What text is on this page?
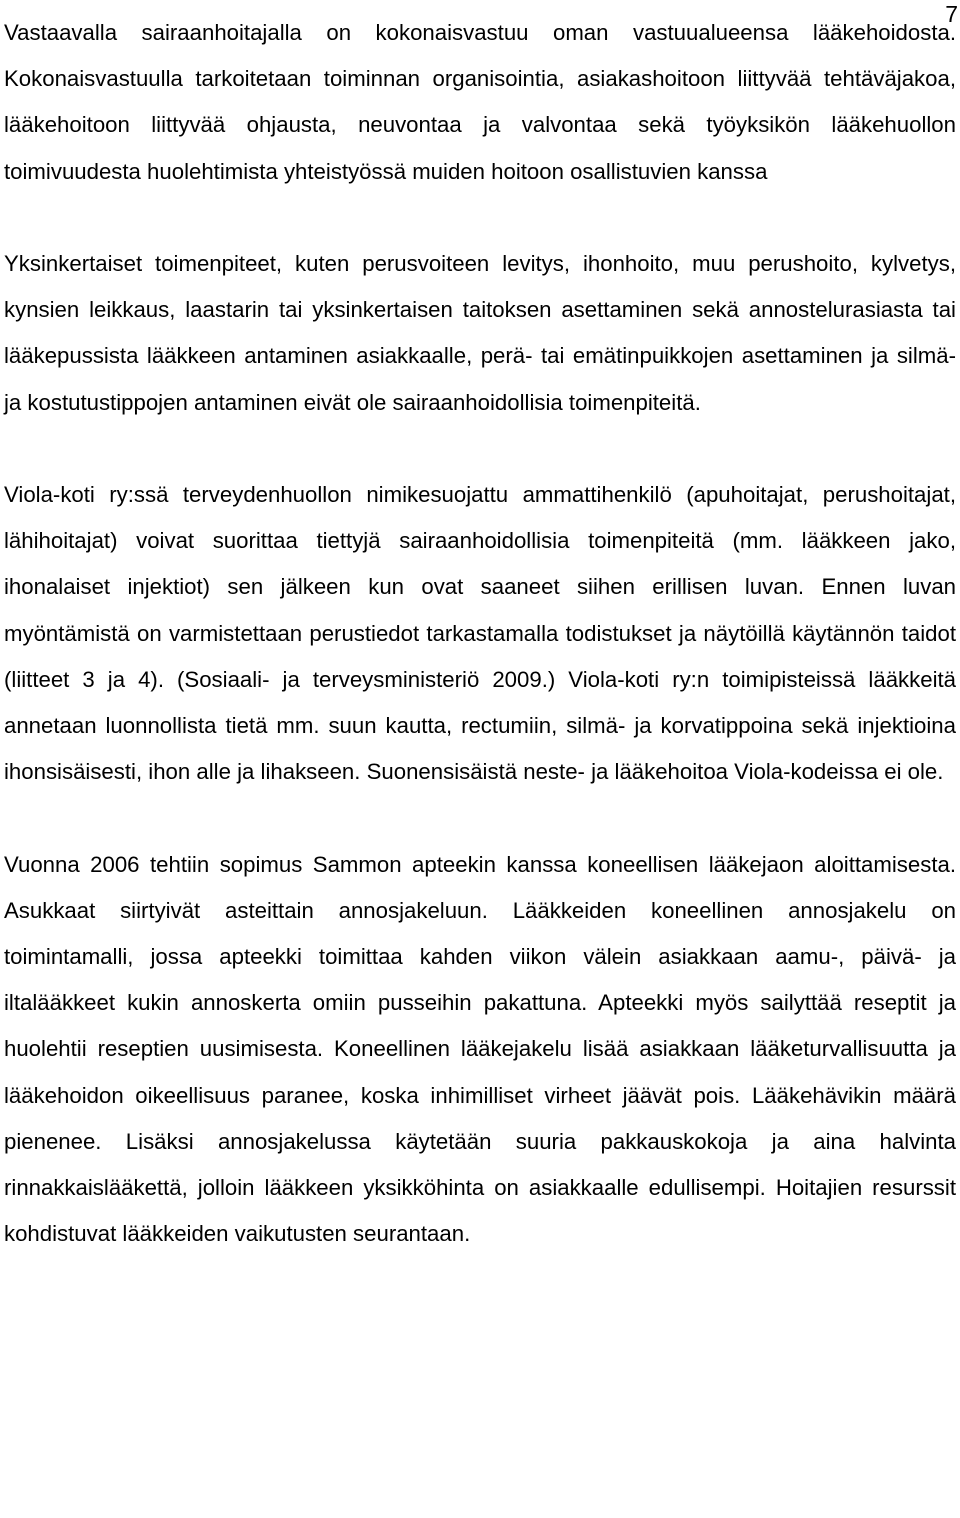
7

Vastaavalla sairaanhoitajalla on kokonaisvastuu oman vastuualueensa lääkehoidosta. Kokonaisvastuulla tarkoitetaan toiminnan organisointia, asiakashoitoon liittyvää tehtäväjakoa, lääkehoitoon liittyvää ohjausta, neuvontaa ja valvontaa sekä työyksikön lääkehuollon toimivuudesta huolehtimista yhteistyössä muiden hoitoon osallistuvien kanssa

Yksinkertaiset toimenpiteet, kuten perusvoiteen levitys, ihonhoito, muu perushoito, kylvetys, kynsien leikkaus, laastarin tai yksinkertaisen taitoksen asettaminen sekä annostelurasiasta tai lääkepussista lääkkeen antaminen asiakkaalle, perä- tai emätinpuikkojen asettaminen ja silmä- ja kostutustippojen antaminen eivät ole sairaanhoidollisia toimenpiteitä.

Viola-koti ry:ssä terveydenhuollon nimikesuojattu ammattihenkilö (apuhoitajat, perushoitajat, lähihoitajat) voivat suorittaa tiettyjä sairaanhoidollisia toimenpiteitä (mm. lääkkeen jako, ihonalaiset injektiot) sen jälkeen kun ovat saaneet siihen erillisen luvan. Ennen luvan myöntämistä on varmistettaan perustiedot tarkastamalla todistukset ja näytöillä käytännön taidot (liitteet 3 ja 4). (Sosiaali- ja terveysministeriö 2009.) Viola-koti ry:n toimipisteissä lääkkeitä annetaan luonnollista tietä mm. suun kautta, rectumiin, silmä- ja korvatippoina sekä injektioina ihonsisäisesti, ihon alle ja lihakseen. Suonensisäistä neste- ja lääkehoitoa Viola-kodeissa ei ole.

Vuonna 2006 tehtiin sopimus Sammon apteekin kanssa koneellisen lääkejaon aloittamisesta. Asukkaat siirtyivät asteittain annosjakeluun. Lääkkeiden koneellinen annosjakelu on toimintamalli, jossa apteekki toimittaa kahden viikon välein asiakkaan aamu-, päivä- ja iltalääkkeet kukin annoskerta omiin pusseihin pakattuna. Apteekki myös sailyttää reseptit ja huolehtii reseptien uusimisesta. Koneellinen lääkejakelu lisää asiakkaan lääketurvallisuutta ja lääkehoidon oikeellisuus paranee, koska inhimilliset virheet jäävät pois. Lääkehävikin määrä pienenee. Lisäksi annosjakelussa käytetään suuria pakkauskokoja ja aina halvinta rinnakkaislääkettä, jolloin lääkkeen yksikköhinta on asiakkaalle edullisempi. Hoitajien resurssit kohdistuvat lääkkeiden vaikutusten seurantaan.
